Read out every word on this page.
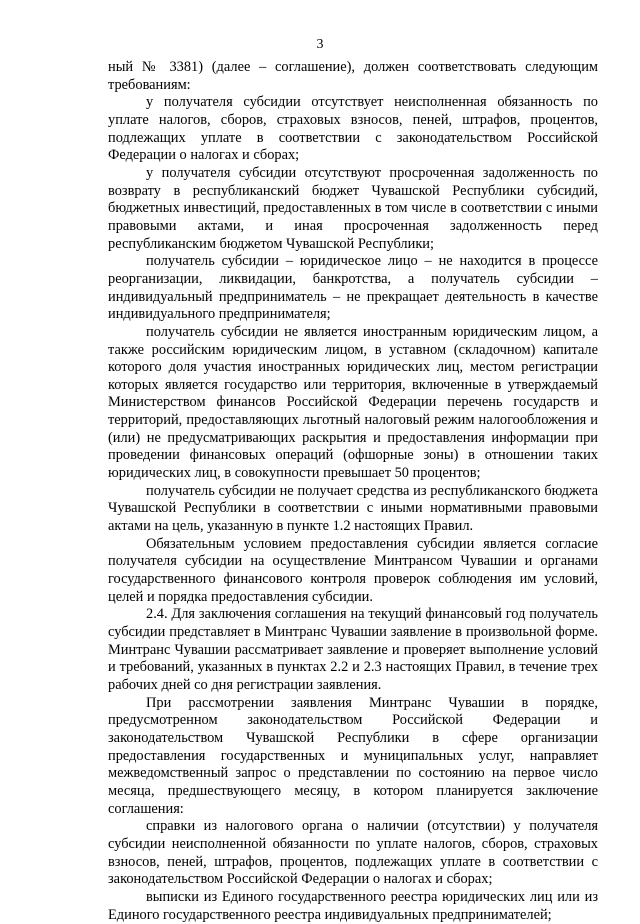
3

ный № 3381) (далее – соглашение), должен соответствовать следующим требованиям:

у получателя субсидии отсутствует неисполненная обязанность по уплате налогов, сборов, страховых взносов, пеней, штрафов, процентов, подлежащих уплате в соответствии с законодательством Российской Федерации о налогах и сборах;

у получателя субсидии отсутствуют просроченная задолженность по возврату в республиканский бюджет Чувашской Республики субсидий, бюджетных инвестиций, предоставленных в том числе в соответствии с иными правовыми актами, и иная просроченная задолженность перед республиканским бюджетом Чувашской Республики;

получатель субсидии – юридическое лицо – не находится в процессе реорганизации, ликвидации, банкротства, а получатель субсидии – индивидуальный предприниматель – не прекращает деятельность в качестве индивидуального предпринимателя;

получатель субсидии не является иностранным юридическим лицом, а также российским юридическим лицом, в уставном (складочном) капитале которого доля участия иностранных юридических лиц, местом регистрации которых является государство или территория, включенные в утверждаемый Министерством финансов Российской Федерации перечень государств и территорий, предоставляющих льготный налоговый режим налогообложения и (или) не предусматривающих раскрытия и предоставления информации при проведении финансовых операций (офшорные зоны) в отношении таких юридических лиц, в совокупности превышает 50 процентов;

получатель субсидии не получает средства из республиканского бюджета Чувашской Республики в соответствии с иными нормативными правовыми актами на цель, указанную в пункте 1.2 настоящих Правил.

Обязательным условием предоставления субсидии является согласие получателя субсидии на осуществление Минтрансом Чувашии и органами государственного финансового контроля проверок соблюдения им условий, целей и порядка предоставления субсидии.

2.4. Для заключения соглашения на текущий финансовый год получатель субсидии представляет в Минтранс Чувашии заявление в произвольной форме. Минтранс Чувашии рассматривает заявление и проверяет выполнение условий и требований, указанных в пунктах 2.2 и 2.3 настоящих Правил, в течение трех рабочих дней со дня регистрации заявления.

При рассмотрении заявления Минтранс Чувашии в порядке, предусмотренном законодательством Российской Федерации и законодательством Чувашской Республики в сфере организации предоставления государственных и муниципальных услуг, направляет межведомственный запрос о представлении по состоянию на первое число месяца, предшествующего месяцу, в котором планируется заключение соглашения:

справки из налогового органа о наличии (отсутствии) у получателя субсидии неисполненной обязанности по уплате налогов, сборов, страховых взносов, пеней, штрафов, процентов, подлежащих уплате в соответствии с законодательством Российской Федерации о налогах и сборах;

выписки из Единого государственного реестра юридических лиц или из Единого государственного реестра индивидуальных предпринимателей;
